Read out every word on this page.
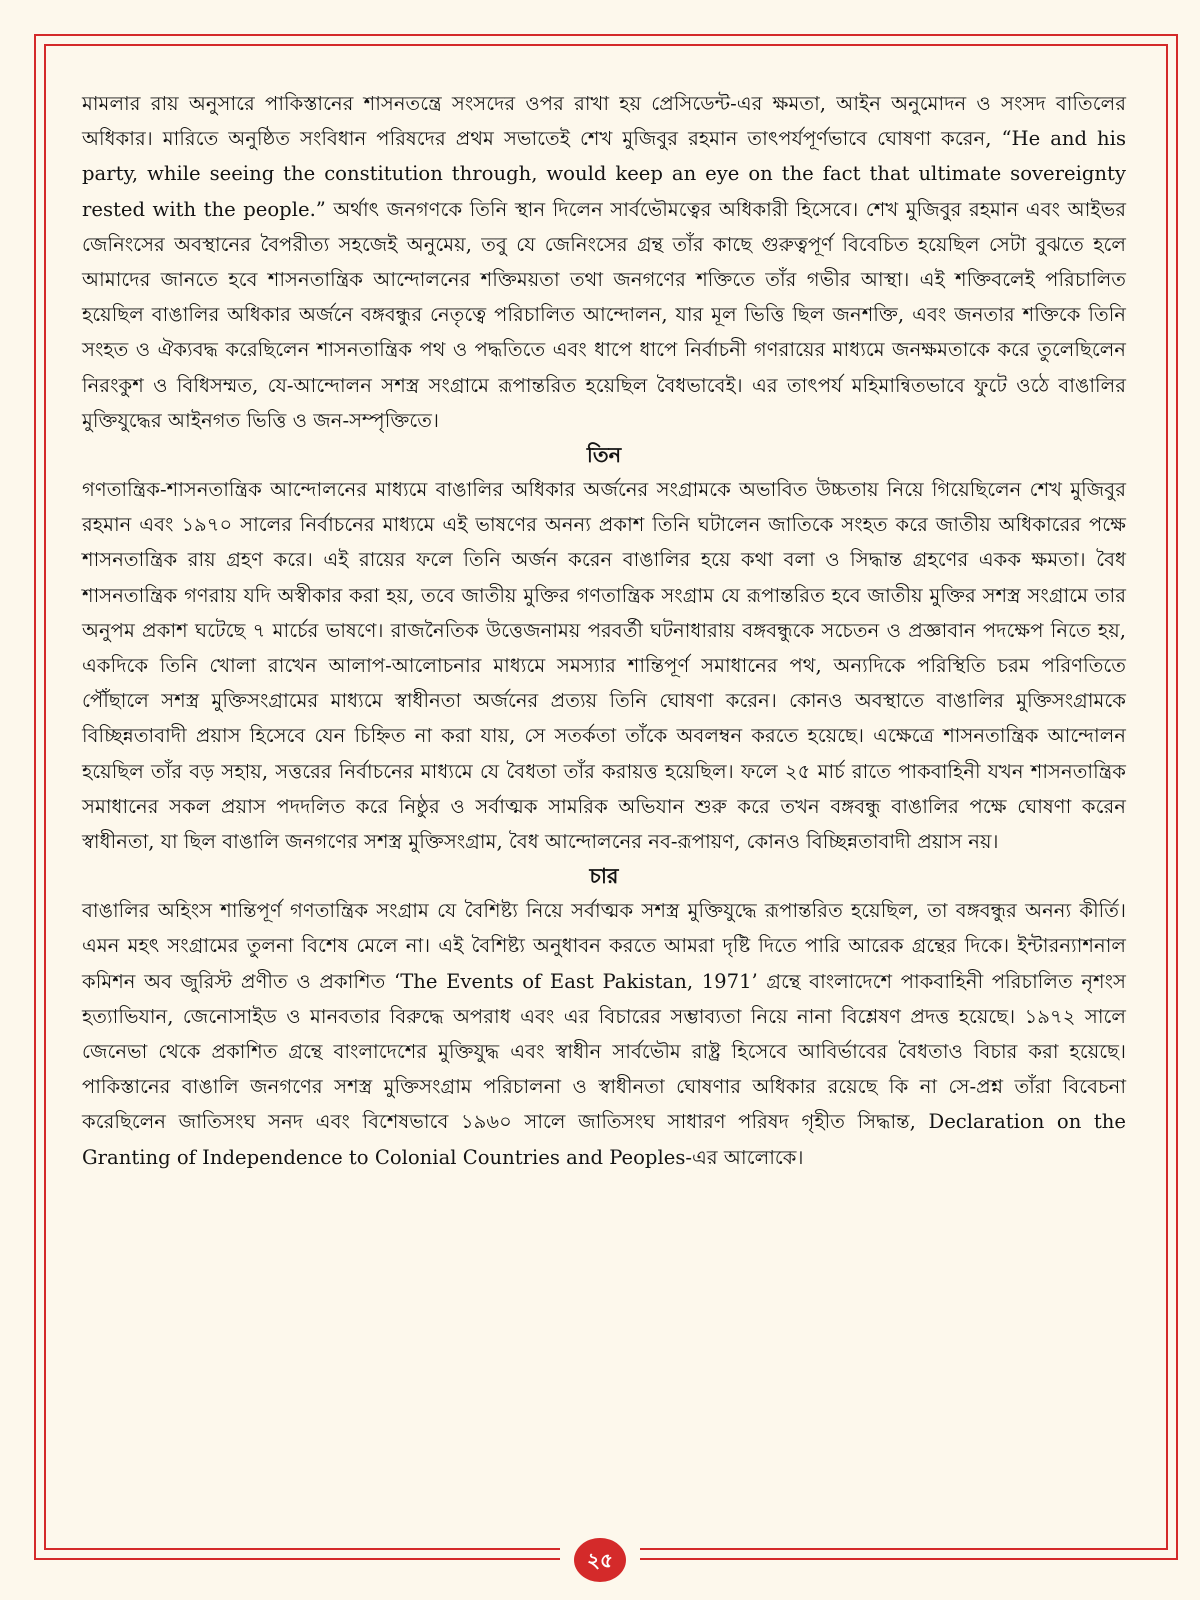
মামলার রায় অনুসারে পাকিস্তানের শাসনতন্ত্রে সংসদের ওপর রাখা হয় প্রেসিডেন্ট-এর ক্ষমতা, আইন অনুমোদন ও সংসদ বাতিলের অধিকার। মারিতে অনুষ্ঠিত সংবিধান পরিষদের প্রথম সভাতেই শেখ মুজিবুর রহমান তাৎপর্যপূর্ণভাবে ঘোষণা করেন, “He and his party, while seeing the constitution through, would keep an eye on the fact that ultimate sovereignty rested with the people.” অর্থাৎ জনগণকে তিনি স্থান দিলেন সার্বভৌমত্বের অধিকারী হিসেবে। শেখ মুজিবুর রহমান এবং আইভর জেনিংসের অবস্থানের বৈপরীত্য সহজেই অনুমেয়, তবু যে জেনিংসের গ্রন্থ তাঁর কাছে গুরুত্বপূর্ণ বিবেচিত হয়েছিল সেটা বুঝতে হলে আমাদের জানতে হবে শাসনতান্ত্রিক আন্দোলনের শক্তিময়তা তথা জনগণের শক্তিতে তাঁর গভীর আস্থা। এই শক্তিবলেই পরিচালিত হয়েছিল বাঙালির অধিকার অর্জনে বঙ্গবন্ধুর নেতৃত্বে পরিচালিত আন্দোলন, যার মূল ভিত্তি ছিল জনশক্তি, এবং জনতার শক্তিকে তিনি সংহত ও ঐক্যবদ্ধ করেছিলেন শাসনতান্ত্রিক পথ ও পদ্ধতিতে এবং ধাপে ধাপে নির্বাচনী গণরায়ের মাধ্যমে জনক্ষমতাকে করে তুলেছিলেন নিরংকুশ ও বিধিসম্মত, যে-আন্দোলন সশস্ত্র সংগ্রামে রূপান্তরিত হয়েছিল বৈধভাবেই। এর তাৎপর্য মহিমান্বিতভাবে ফুটে ওঠে বাঙালির মুক্তিযুদ্ধের আইনগত ভিত্তি ও জন-সম্পৃক্তিতে।

তিন

গণতান্ত্রিক-শাসনতান্ত্রিক আন্দোলনের মাধ্যমে বাঙালির অধিকার অর্জনের সংগ্রামকে অভাবিত উচ্চতায় নিয়ে গিয়েছিলেন শেখ মুজিবুর রহমান এবং ১৯৭০ সালের নির্বাচনের মাধ্যমে এই ভাষণের অনন্য প্রকাশ তিনি ঘটালেন জাতিকে সংহত করে জাতীয় অধিকারের পক্ষে শাসনতান্ত্রিক রায় গ্রহণ করে। এই রায়ের ফলে তিনি অর্জন করেন বাঙালির হয়ে কথা বলা ও সিদ্ধান্ত গ্রহণের একক ক্ষমতা। বৈধ শাসনতান্ত্রিক গণরায় যদি অস্বীকার করা হয়, তবে জাতীয় মুক্তির গণতান্ত্রিক সংগ্রাম যে রূপান্তরিত হবে জাতীয় মুক্তির সশস্ত্র সংগ্রামে তার অনুপম প্রকাশ ঘটেছে ৭ মার্চের ভাষণে। রাজনৈতিক উত্তেজনাময় পরবর্তী ঘটনাধারায় বঙ্গবন্ধুকে সচেতন ও প্রজ্ঞাবান পদক্ষেপ নিতে হয়, একদিকে তিনি খোলা রাখেন আলাপ-আলোচনার মাধ্যমে সমস্যার শান্তিপূর্ণ সমাধানের পথ, অন্যদিকে পরিস্থিতি চরম পরিণতিতে পৌঁছালে সশস্ত্র মুক্তিসংগ্রামের মাধ্যমে স্বাধীনতা অর্জনের প্রত্যয় তিনি ঘোষণা করেন। কোনও অবস্থাতে বাঙালির মুক্তিসংগ্রামকে বিচ্ছিন্নতাবাদী প্রয়াস হিসেবে যেন চিহ্নিত না করা যায়, সে সতর্কতা তাঁকে অবলম্বন করতে হয়েছে। এক্ষেত্রে শাসনতান্ত্রিক আন্দোলন হয়েছিল তাঁর বড় সহায়, সত্তরের নির্বাচনের মাধ্যমে যে বৈধতা তাঁর করায়ত্ত হয়েছিল। ফলে ২৫ মার্চ রাতে পাকবাহিনী যখন শাসনতান্ত্রিক সমাধানের সকল প্রয়াস পদদলিত করে নিষ্ঠুর ও সর্বাত্মক সামরিক অভিযান শুরু করে তখন বঙ্গবন্ধু বাঙালির পক্ষে ঘোষণা করেন স্বাধীনতা, যা ছিল বাঙালি জনগণের সশস্ত্র মুক্তিসংগ্রাম, বৈধ আন্দোলনের নব-রূপায়ণ, কোনও বিচ্ছিন্নতাবাদী প্রয়াস নয়।

চার

বাঙালির অহিংস শান্তিপূর্ণ গণতান্ত্রিক সংগ্রাম যে বৈশিষ্ট্য নিয়ে সর্বাত্মক সশস্ত্র মুক্তিযুদ্ধে রূপান্তরিত হয়েছিল, তা বঙ্গবন্ধুর অনন্য কীর্তি। এমন মহৎ সংগ্রামের তুলনা বিশেষ মেলে না। এই বৈশিষ্ট্য অনুধাবন করতে আমরা দৃষ্টি দিতে পারি আরেক গ্রন্থের দিকে। ইন্টারন্যাশনাল কমিশন অব জুরিস্ট প্রণীত ও প্রকাশিত ‘The Events of East Pakistan, 1971’ গ্রন্থে বাংলাদেশে পাকবাহিনী পরিচালিত নৃশংস হত্যাভিযান, জেনোসাইড ও মানবতার বিরুদ্ধে অপরাধ এবং এর বিচারের সম্ভাব্যতা নিয়ে নানা বিশ্লেষণ প্রদত্ত হয়েছে। ১৯৭২ সালে জেনেভা থেকে প্রকাশিত গ্রন্থে বাংলাদেশের মুক্তিযুদ্ধ এবং স্বাধীন সার্বভৌম রাষ্ট্র হিসেবে আবির্ভাবের বৈধতাও বিচার করা হয়েছে। পাকিস্তানের বাঙালি জনগণের সশস্ত্র মুক্তিসংগ্রাম পরিচালনা ও স্বাধীনতা ঘোষণার অধিকার রয়েছে কি না সে-প্রশ্ন তাঁরা বিবেচনা করেছিলেন জাতিসংঘ সনদ এবং বিশেষভাবে ১৯৬০ সালে জাতিসংঘ সাধারণ পরিষদ গৃহীত সিদ্ধান্ত, Declaration on the Granting of Independence to Colonial Countries and Peoples-এর আলোকে।

২৫
